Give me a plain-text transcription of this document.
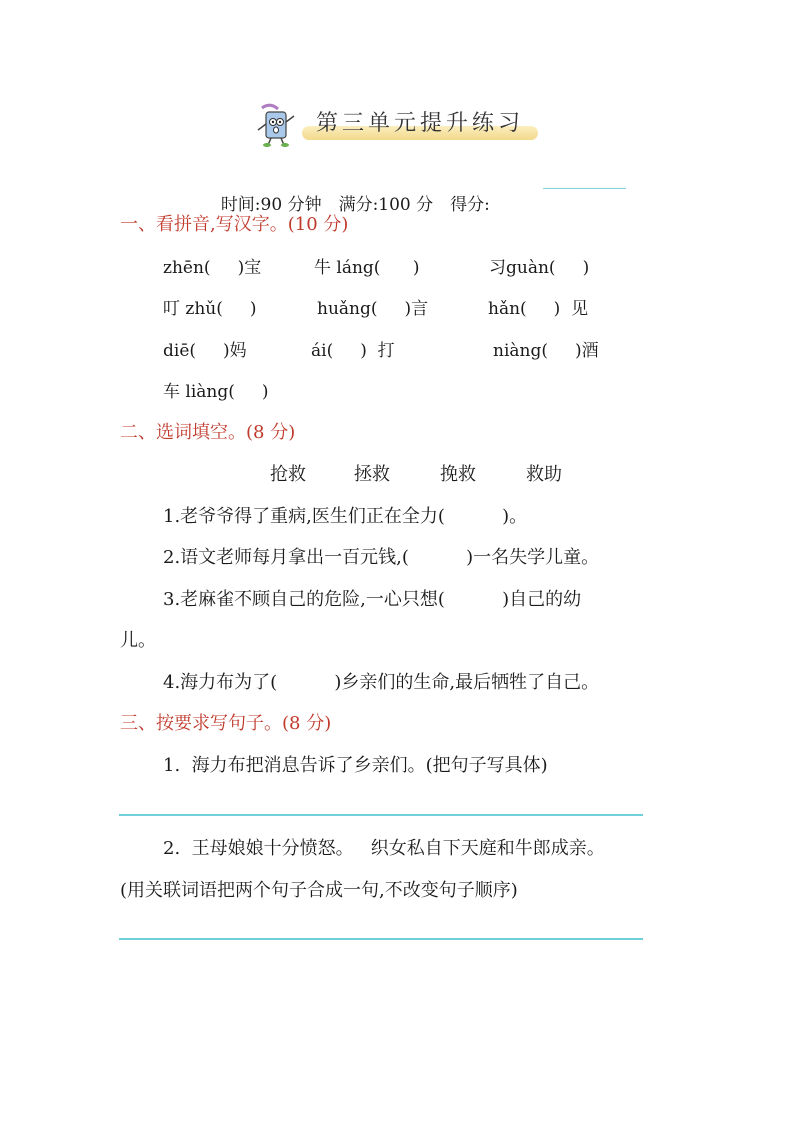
第三单元提升练习

时间:90 分钟  满分:100 分  得分:

一、看拼音,写汉字。(10 分)
zhēn(     )宝	牛 láng(      )	习guàn(     )
叮 zhǔ(     )	huǎng(     )言	hǎn(     )  见
diē(     )妈	ái(     )  打	niàng(     )酒
车 liàng(     )
二、选词填空。(8 分)
抢救	拯救	挽救	救助
1.老爷爷得了重病,医生们正在全力(          )。
2.语文老师每月拿出一百元钱,(          )一名失学儿童。
3.老麻雀不顾自己的危险,一心只想(          )自己的幼
儿。
4.海力布为了(          )乡亲们的生命,最后牺牲了自己。
三、按要求写句子。(8 分)
1.  海力布把消息告诉了乡亲们。(把句子写具体)
2.  王母娘娘十分愤怒。   织女私自下天庭和牛郎成亲。
(用关联词语把两个句子合成一句,不改变句子顺序)
